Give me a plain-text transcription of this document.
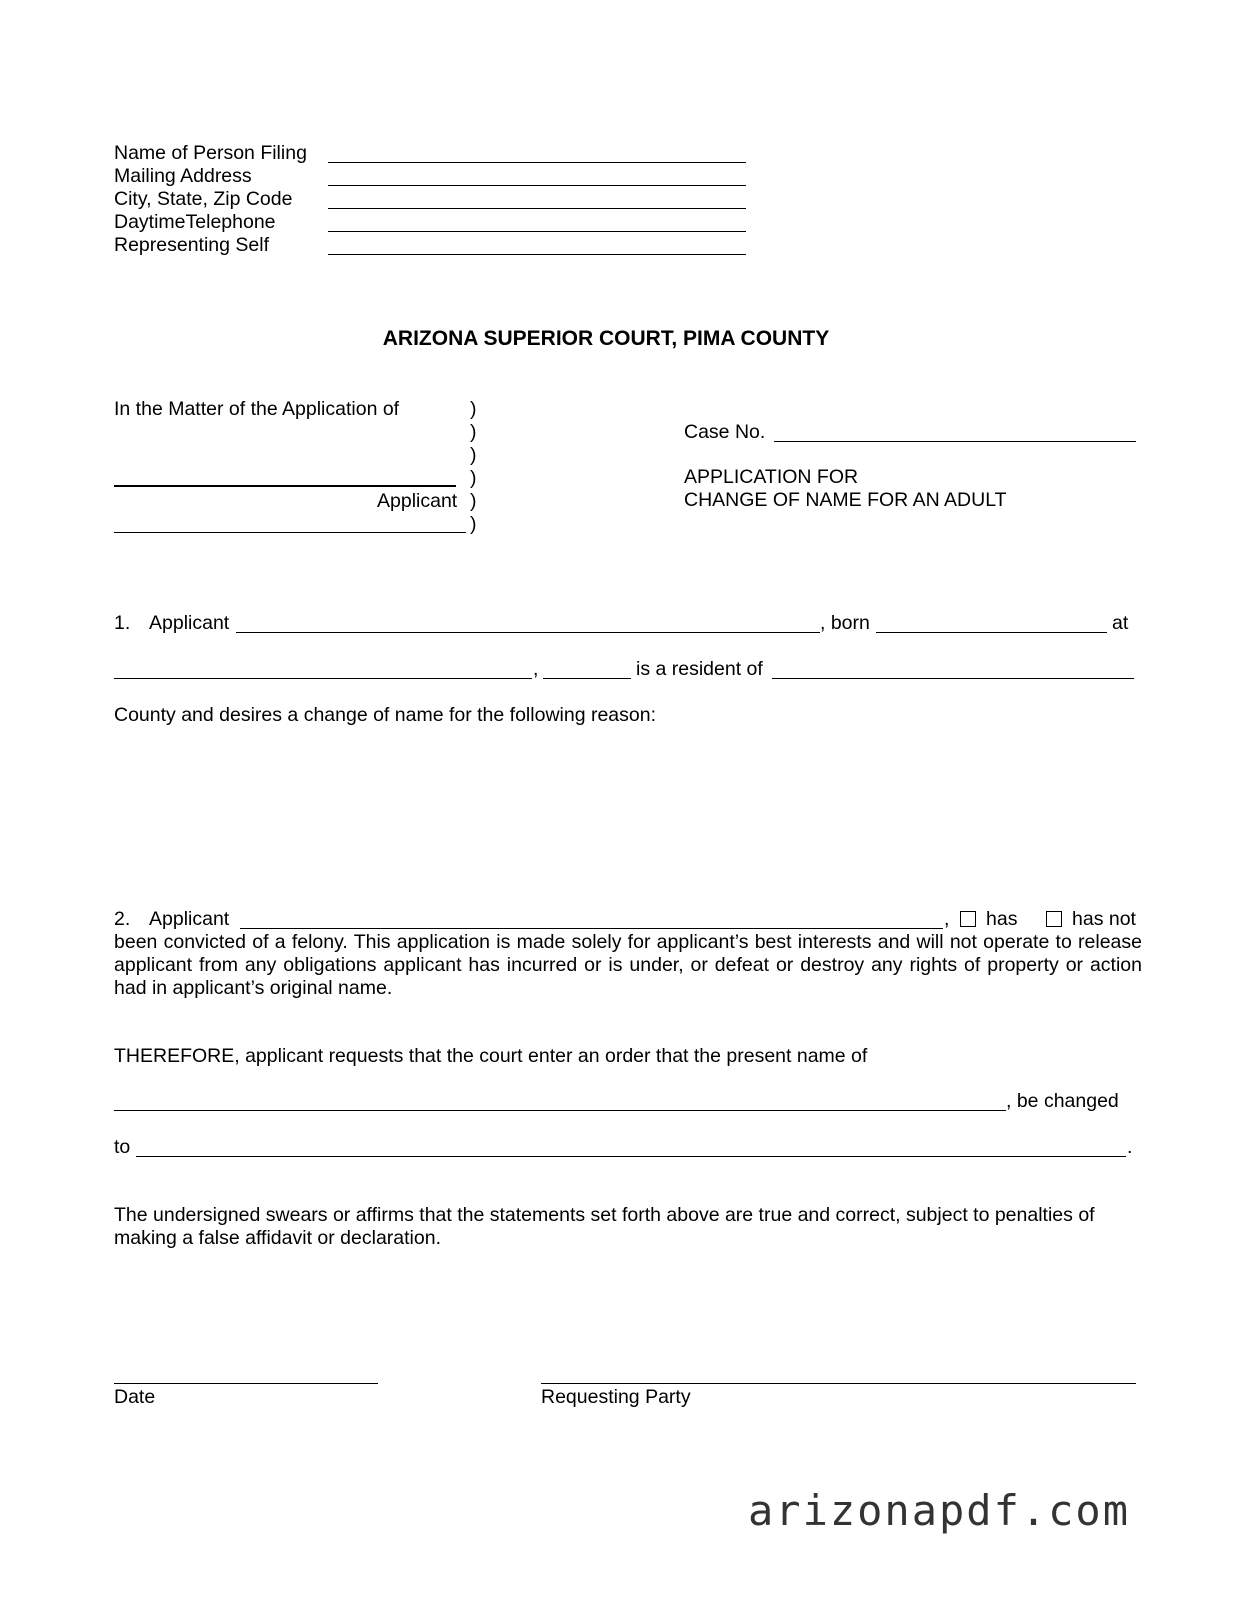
Name of Person Filing
Mailing Address
City, State, Zip Code
DaytimeTelephone
Representing Self
ARIZONA SUPERIOR COURT, PIMA COUNTY
In the Matter of the Application of	)
)
)
)
)
)
Applicant
Case No.
APPLICATION FOR
CHANGE OF NAME FOR AN ADULT
1. Applicant	, born	at
,	is a resident of
County and desires a change of name for the following reason:
2. Applicant	, has	has not
been convicted of a felony. This application is made solely for applicant’s best interests and will not operate to release applicant from any obligations applicant has incurred or is under, or defeat or destroy any rights of property or action had in applicant’s original name.
THEREFORE, applicant requests that the court enter an order that the present name of
, be changed
to	.
The undersigned swears or affirms that the statements set forth above are true and correct, subject to penalties of making a false affidavit or declaration.
Date	Requesting Party
arizonapdf.com
